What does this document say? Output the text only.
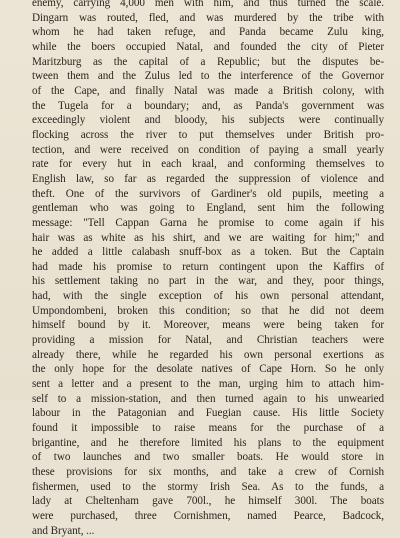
enemy, carrying 4,000 men with him, and thus turned the scale.
Dingarn was routed, fled, and was murdered by the tribe with
whom he had taken refuge, and Panda became Zulu king,
while the boers occupied Natal, and founded the city of Pieter
Maritzburg as the capital of a Republic; but the disputes be-
tween them and the Zulus led to the interference of the Governor
of the Cape, and finally Natal was made a British colony, with
the Tugela for a boundary; and, as Panda's government was
exceedingly violent and bloody, his subjects were continually
flocking across the river to put themselves under British pro-
tection, and were received on condition of paying a small yearly
rate for every hut in each kraal, and conforming themselves to
English law, so far as regarded the suppression of violence and
theft. One of the survivors of Gardiner's old pupils, meeting a
gentleman who was going to England, sent him the following
message: "Tell Cappan Garna he promise to come again if his
hair was as white as his shirt, and we are waiting for him;" and
he added a little calabash snuff-box as a token. But the Captain
had made his promise to return contingent upon the Kaffirs of
his settlement taking no part in the war, and they, poor things,
had, with the single exception of his own personal attendant,
Umpondombeni, broken this condition; so that he did not deem
himself bound by it. Moreover, means were being taken for
providing a mission for Natal, and Christian teachers were
already there, while he regarded his own personal exertions as
the only hope for the desolate natives of Cape Horn. So he only
sent a letter and a present to the man, urging him to attach him-
self to a mission-station, and then turned again to his unwearied
labour in the Patagonian and Fuegian cause. His little Society
found it impossible to raise means for the purchase of a
brigantine, and he therefore limited his plans to the equipment
of two launches and two smaller boats. He would store in
these provisions for six months, and take a crew of Cornish
fishermen, used to the stormy Irish Sea. As to the funds, a
lady at Cheltenham gave 700l., he himself 300l. The boats
were purchased, three Cornishmen, named Pearce, Badcock,
and Bryant, ...
